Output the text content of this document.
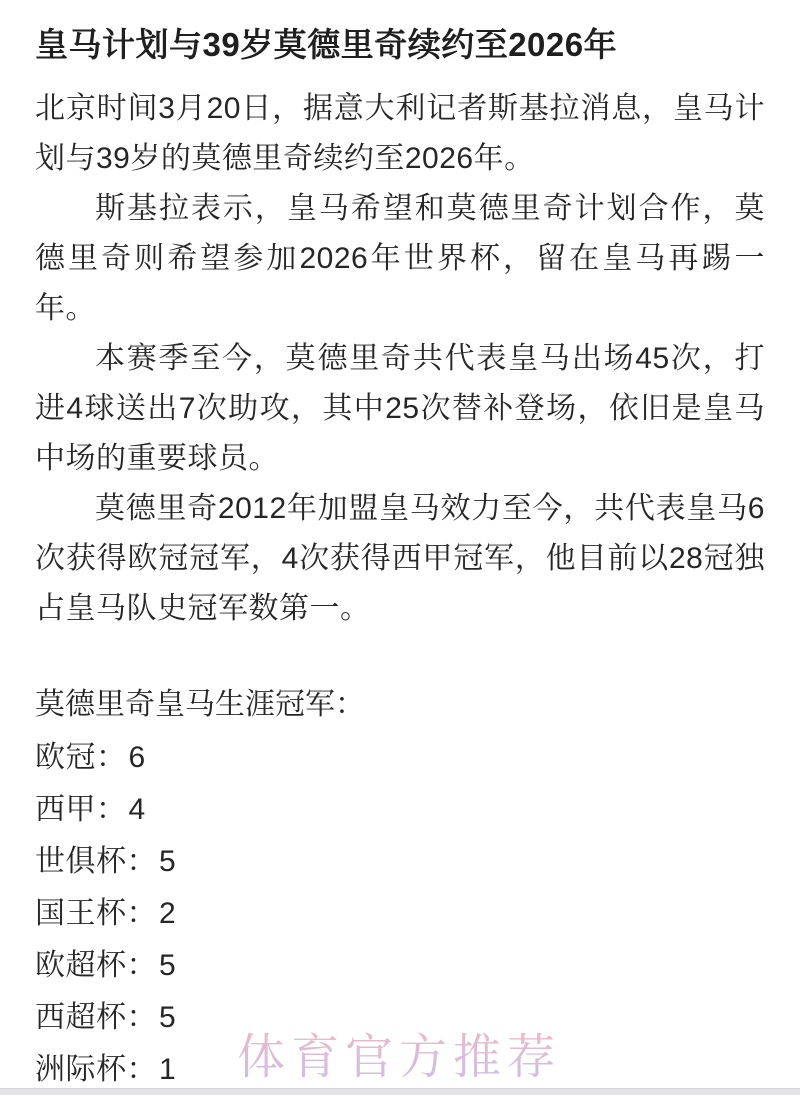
皇马计划与39岁莫德里奇续约至2026年

北京时间3月20日，据意大利记者斯基拉消息，皇马计划与39岁的莫德里奇续约至2026年。

斯基拉表示，皇马希望和莫德里奇计划合作，莫德里奇则希望参加2026年世界杯，留在皇马再踢一年。

本赛季至今，莫德里奇共代表皇马出场45次，打进4球送出7次助攻，其中25次替补登场，依旧是皇马中场的重要球员。

莫德里奇2012年加盟皇马效力至今，共代表皇马6次获得欧冠冠军，4次获得西甲冠军，他目前以28冠独占皇马队史冠军数第一。

莫德里奇皇马生涯冠军：

欧冠：6
西甲：4
世俱杯：5
国王杯：2
欧超杯：5
西超杯：5
洲际杯：1	体育官方推荐
